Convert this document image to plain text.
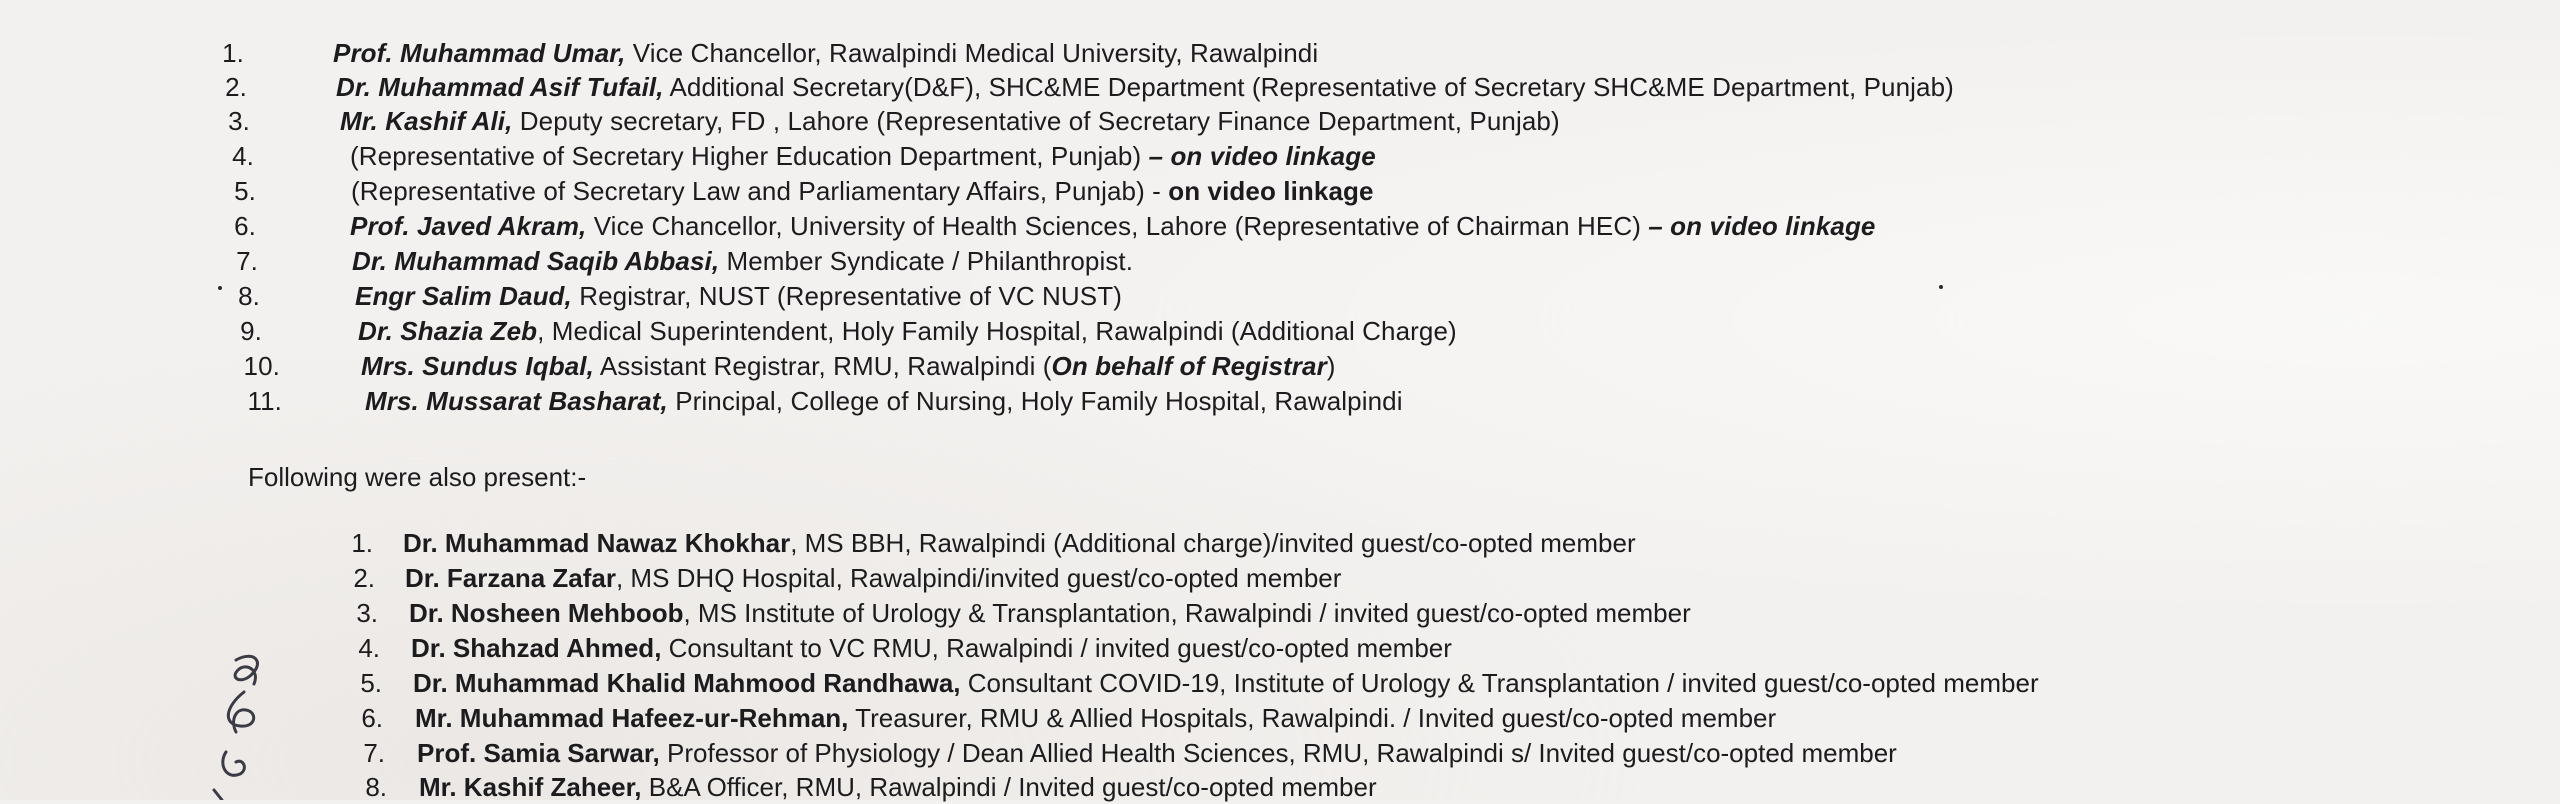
1.	Prof. Muhammad Umar, Vice Chancellor, Rawalpindi Medical University, Rawalpindi
2.	Dr. Muhammad Asif Tufail, Additional Secretary(D&F), SHC&ME Department (Representative of Secretary SHC&ME Department, Punjab)
3.	Mr. Kashif Ali, Deputy secretary, FD , Lahore (Representative of Secretary Finance Department, Punjab)
4.	(Representative of Secretary Higher Education Department, Punjab) – on video linkage
5.	(Representative of Secretary Law and Parliamentary Affairs, Punjab) - on video linkage
6.	Prof. Javed Akram, Vice Chancellor, University of Health Sciences, Lahore (Representative of Chairman HEC) – on video linkage
7.	Dr. Muhammad Saqib Abbasi, Member Syndicate / Philanthropist.
8.	Engr Salim Daud, Registrar, NUST (Representative of VC NUST)
9.	Dr. Shazia Zeb, Medical Superintendent, Holy Family Hospital, Rawalpindi (Additional Charge)
10.	Mrs. Sundus Iqbal, Assistant Registrar, RMU, Rawalpindi (On behalf of Registrar)
11.	Mrs. Mussarat Basharat, Principal, College of Nursing, Holy Family Hospital, Rawalpindi
Following were also present:-
1. Dr. Muhammad Nawaz Khokhar, MS BBH, Rawalpindi (Additional charge)/invited guest/co-opted member
2. Dr. Farzana Zafar, MS DHQ Hospital, Rawalpindi/invited guest/co-opted member
3. Dr. Nosheen Mehboob, MS Institute of Urology & Transplantation, Rawalpindi / invited guest/co-opted member
4. Dr. Shahzad Ahmed, Consultant to VC RMU, Rawalpindi / invited guest/co-opted member
5. Dr. Muhammad Khalid Mahmood Randhawa, Consultant COVID-19, Institute of Urology & Transplantation / invited guest/co-opted member
6. Mr. Muhammad Hafeez-ur-Rehman, Treasurer, RMU & Allied Hospitals, Rawalpindi. / Invited guest/co-opted member
7. Prof. Samia Sarwar, Professor of Physiology / Dean Allied Health Sciences, RMU, Rawalpindi s/ Invited guest/co-opted member
8. Mr. Kashif Zaheer, B&A Officer, RMU, Rawalpindi / Invited guest/co-opted member
